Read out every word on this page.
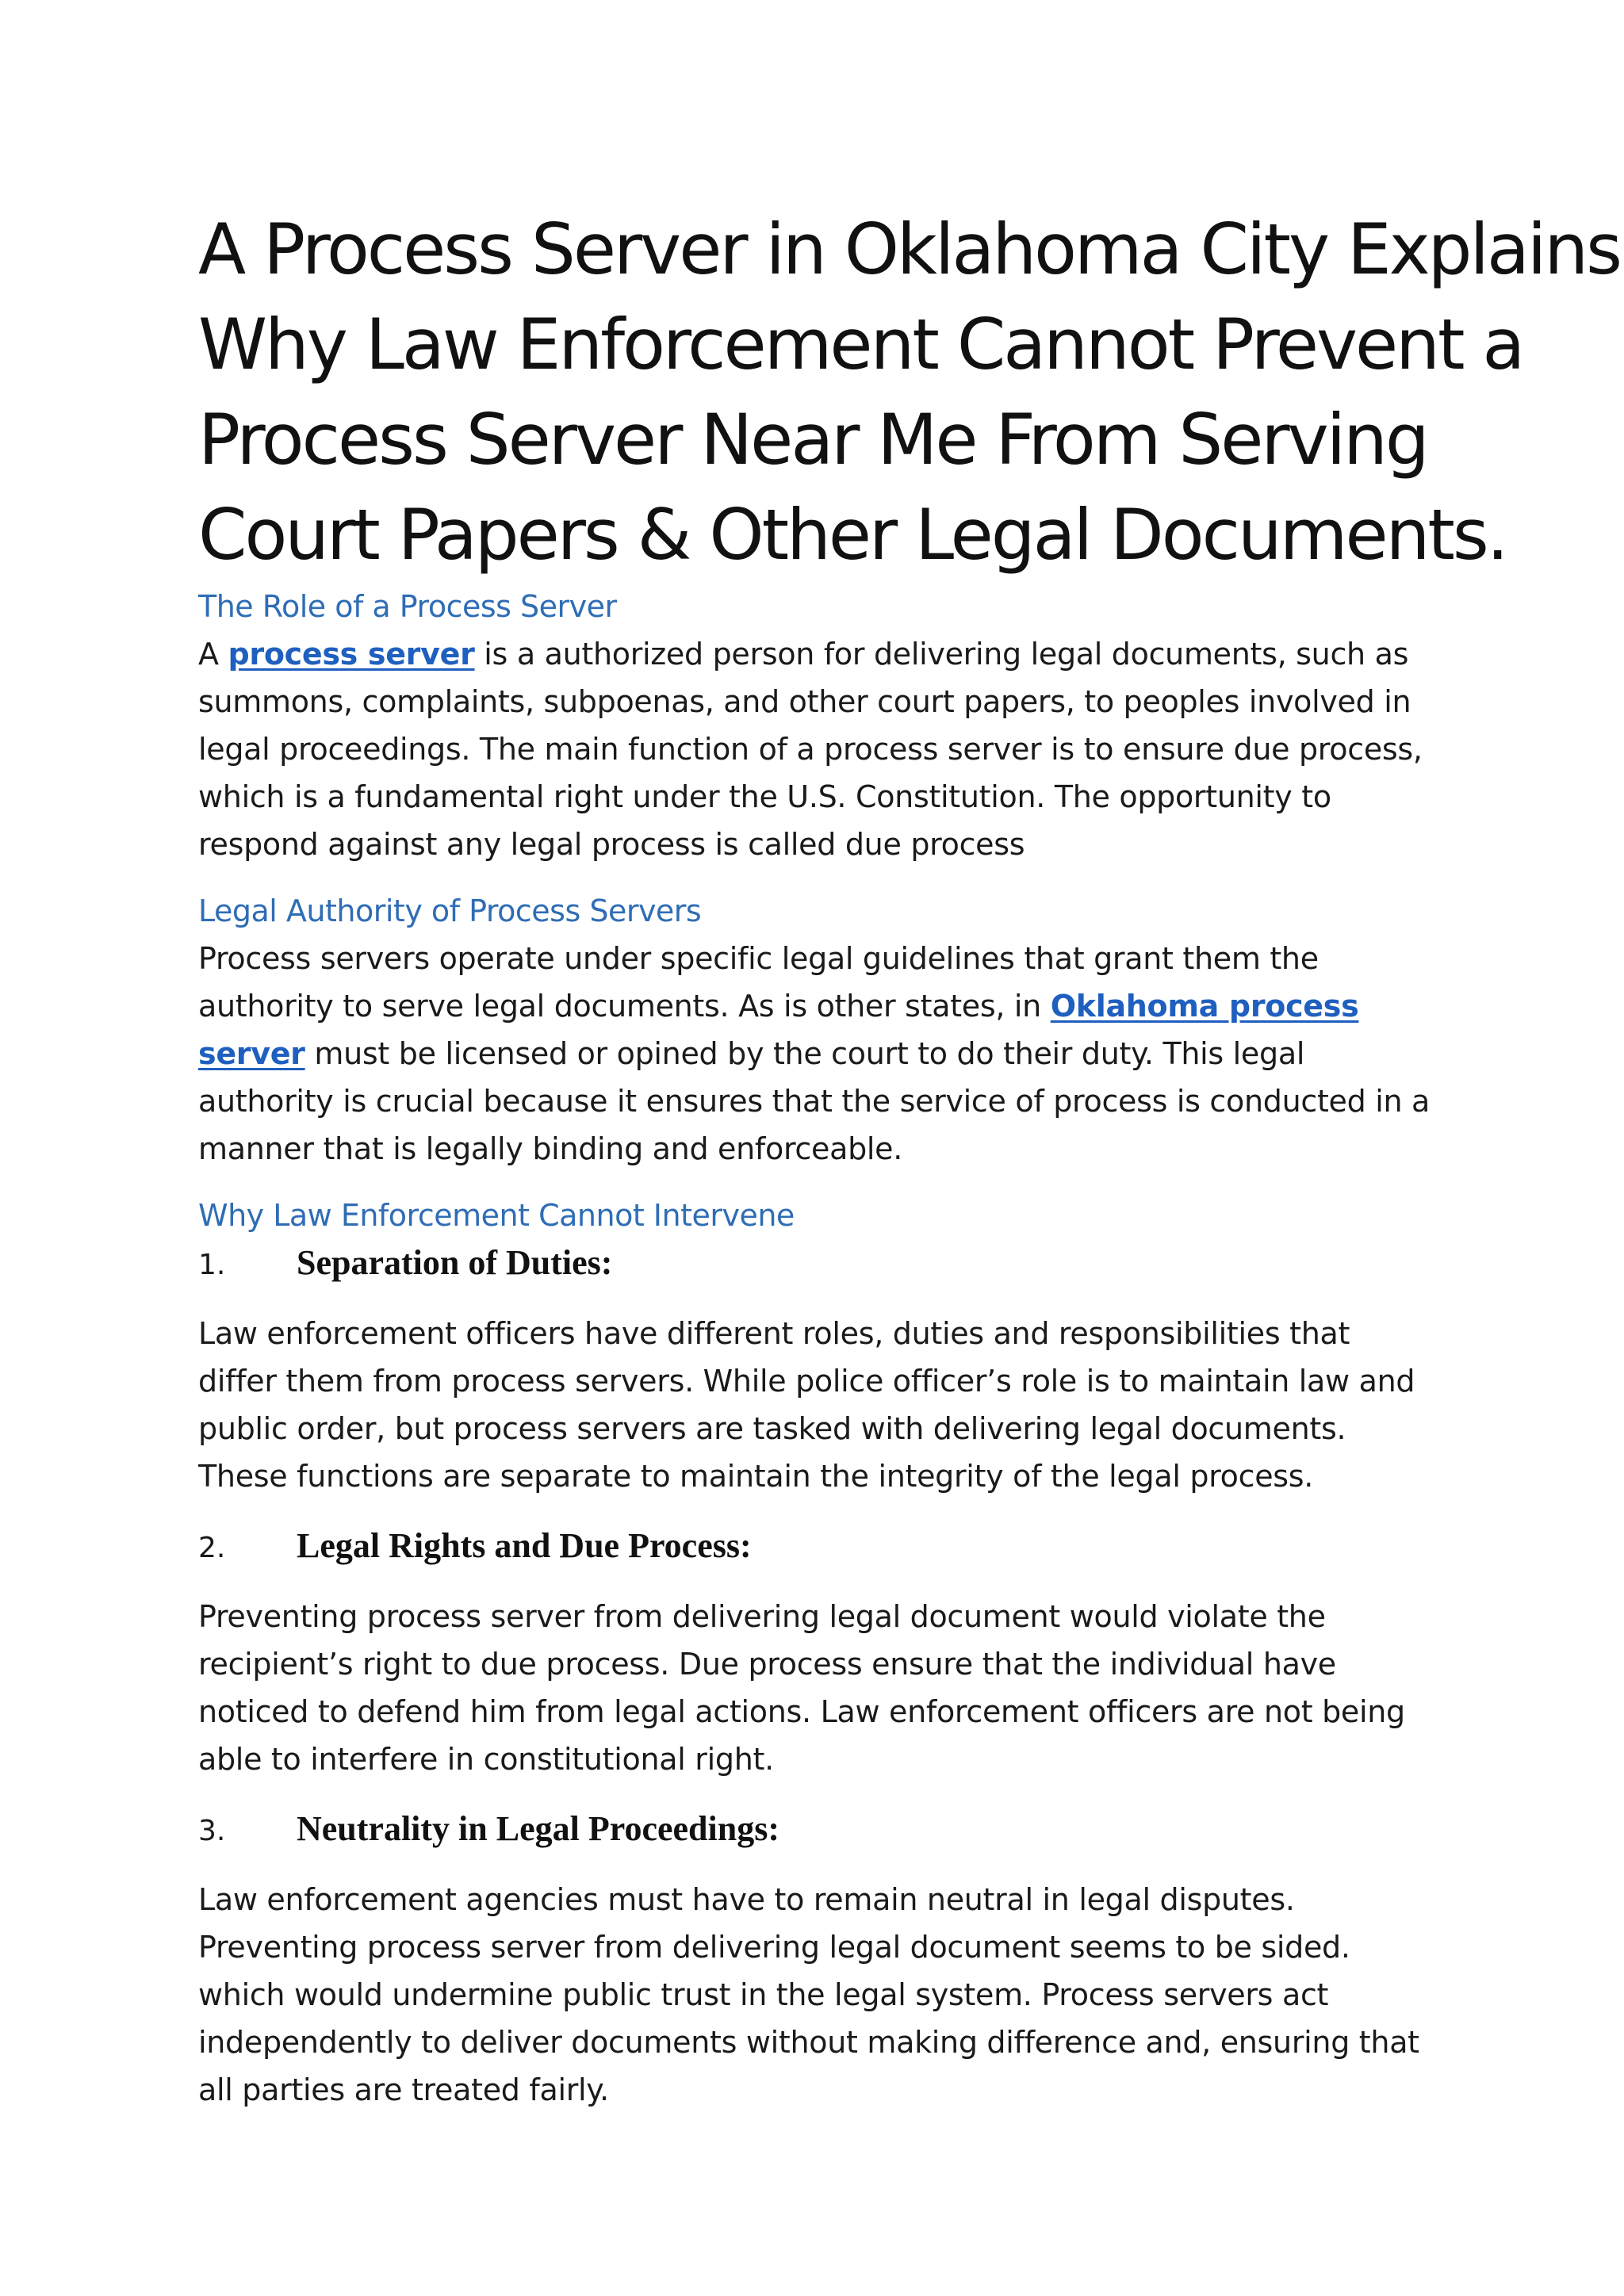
A Process Server in Oklahoma City Explains
Why Law Enforcement Cannot Prevent a
Process Server Near Me From Serving
Court Papers & Other Legal Documents.
The Role of a Process Server

A process server is a authorized person for delivering legal documents, such as summons, complaints, subpoenas, and other court papers, to peoples involved in legal proceedings. The main function of a process server is to ensure due process, which is a fundamental right under the U.S. Constitution. The opportunity to respond against any legal process is called due process

Legal Authority of Process Servers

Process servers operate under specific legal guidelines that grant them the authority to serve legal documents. As is other states, in Oklahoma process server must be licensed or opined by the court to do their duty. This legal authority is crucial because it ensures that the service of process is conducted in a manner that is legally binding and enforceable.

Why Law Enforcement Cannot Intervene
1.	Separation of Duties:

Law enforcement officers have different roles, duties and responsibilities that differ them from process servers. While police officer’s role is to maintain law and public order, but process servers are tasked with delivering legal documents. These functions are separate to maintain the integrity of the legal process.

2.	Legal Rights and Due Process:

Preventing process server from delivering legal document would violate the recipient’s right to due process. Due process ensure that the individual have noticed to defend him from legal actions. Law enforcement officers are not being able to interfere in constitutional right.

3.	Neutrality in Legal Proceedings:

Law enforcement agencies must have to remain neutral in legal disputes. Preventing process server from delivering legal document seems to be sided. which would undermine public trust in the legal system. Process servers act independently to deliver documents without making difference and, ensuring that all parties are treated fairly.
